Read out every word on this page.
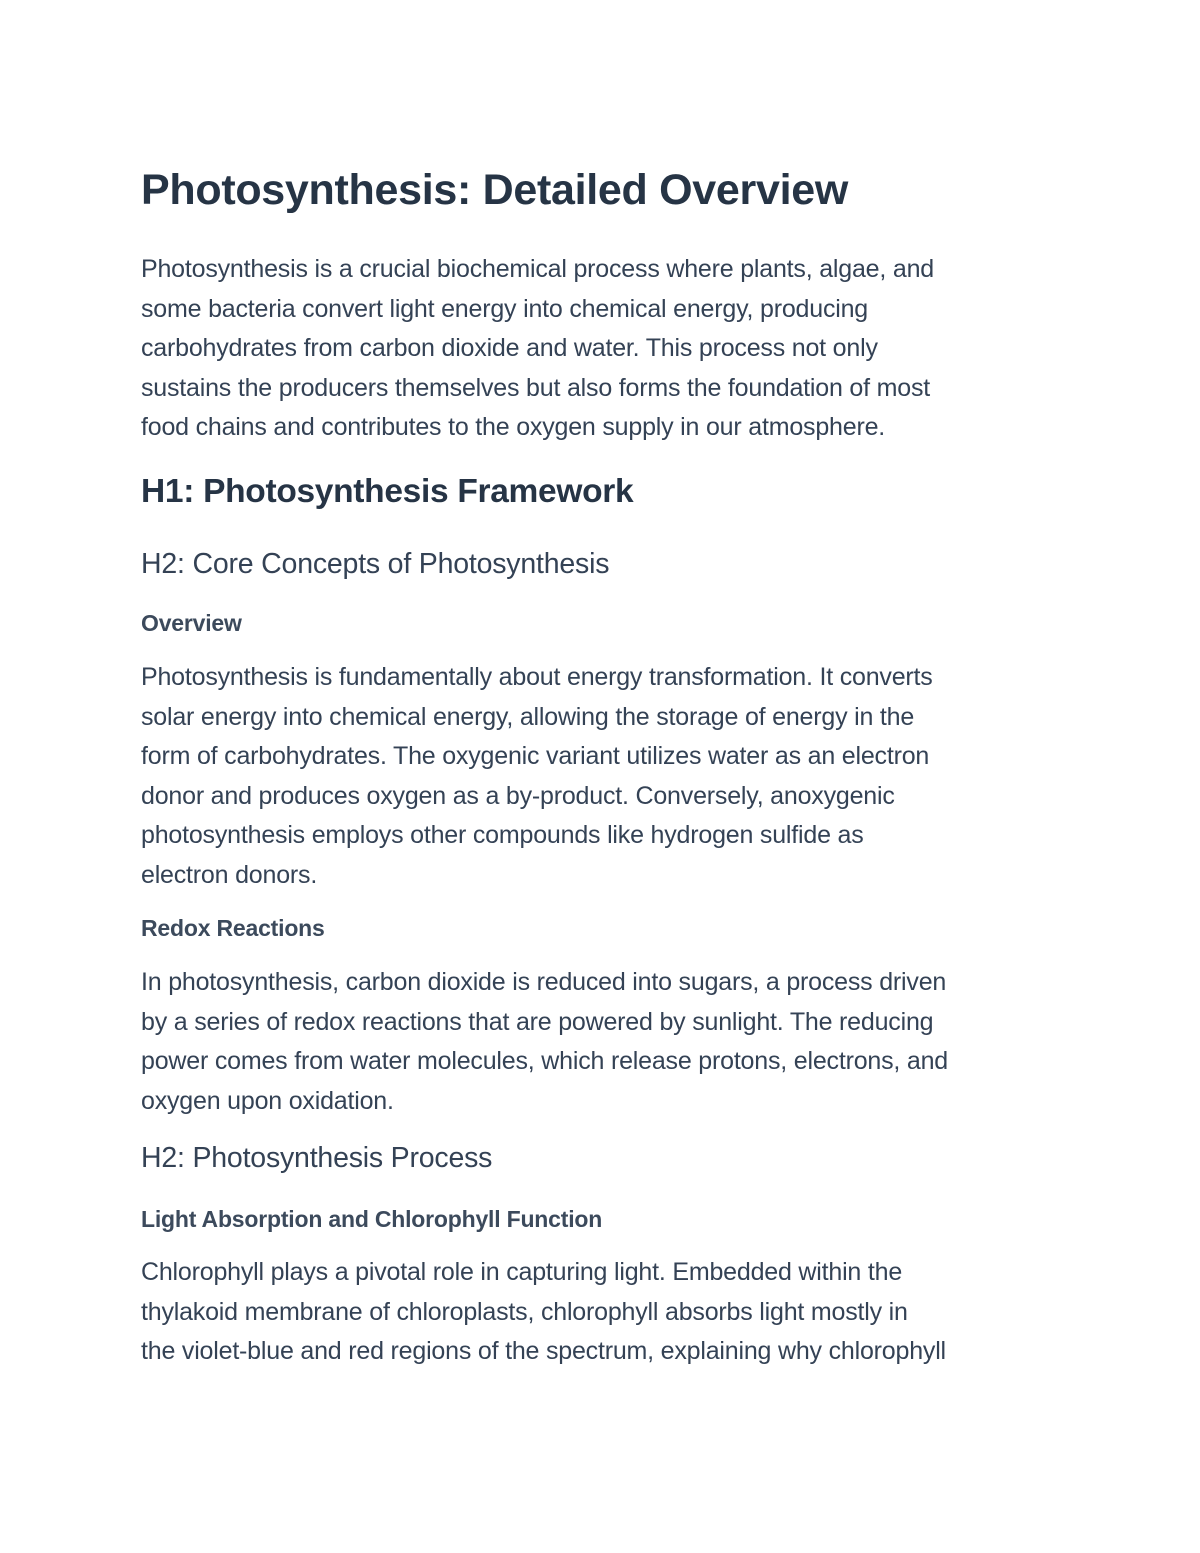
Photosynthesis: Detailed Overview

Photosynthesis is a crucial biochemical process where plants, algae, and
some bacteria convert light energy into chemical energy, producing
carbohydrates from carbon dioxide and water. This process not only
sustains the producers themselves but also forms the foundation of most
food chains and contributes to the oxygen supply in our atmosphere.

H1: Photosynthesis Framework
H2: Core Concepts of Photosynthesis
Overview

Photosynthesis is fundamentally about energy transformation. It converts
solar energy into chemical energy, allowing the storage of energy in the
form of carbohydrates. The oxygenic variant utilizes water as an electron
donor and produces oxygen as a by-product. Conversely, anoxygenic
photosynthesis employs other compounds like hydrogen sulfide as
electron donors.

Redox Reactions

In photosynthesis, carbon dioxide is reduced into sugars, a process driven
by a series of redox reactions that are powered by sunlight. The reducing
power comes from water molecules, which release protons, electrons, and
oxygen upon oxidation.

H2: Photosynthesis Process
Light Absorption and Chlorophyll Function

Chlorophyll plays a pivotal role in capturing light. Embedded within the
thylakoid membrane of chloroplasts, chlorophyll absorbs light mostly in
the violet-blue and red regions of the spectrum, explaining why chlorophyll
